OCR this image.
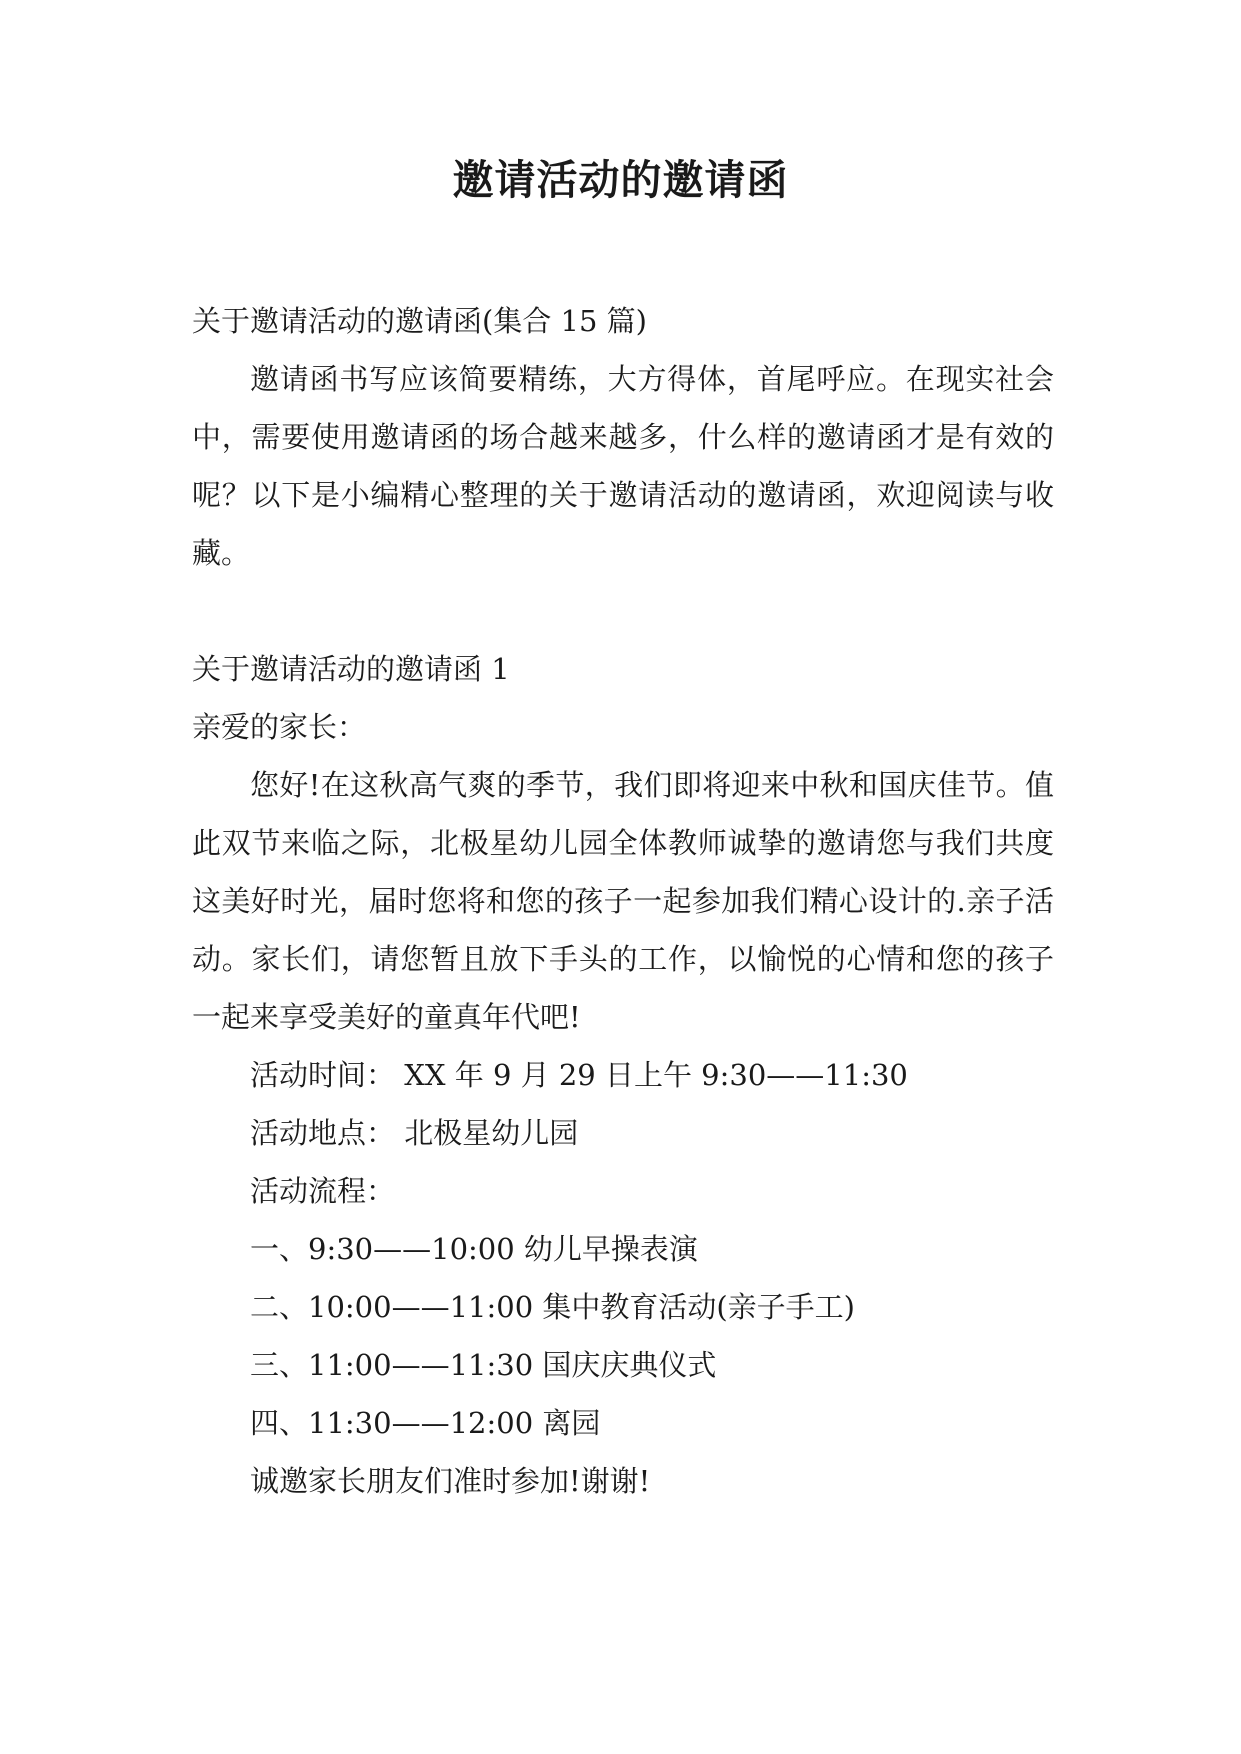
邀请活动的邀请函

关于邀请活动的邀请函(集合 15 篇)

邀请函书写应该简要精练，大方得体，首尾呼应。在现实社会中，需要使用邀请函的场合越来越多，什么样的邀请函才是有效的呢？以下是小编精心整理的关于邀请活动的邀请函，欢迎阅读与收藏。

关于邀请活动的邀请函 1

亲爱的家长：

您好!在这秋高气爽的季节，我们即将迎来中秋和国庆佳节。值此双节来临之际，北极星幼儿园全体教师诚挚的邀请您与我们共度这美好时光，届时您将和您的孩子一起参加我们精心设计的.亲子活动。家长们，请您暂且放下手头的工作，以愉悦的心情和您的孩子一起来享受美好的童真年代吧!

活动时间： XX 年 9 月 29 日上午 9:30——11:30

活动地点： 北极星幼儿园

活动流程：

一、9:30——10:00 幼儿早操表演

二、10:00——11:00 集中教育活动(亲子手工)

三、11:00——11:30 国庆庆典仪式

四、11:30——12:00 离园

诚邀家长朋友们准时参加!谢谢!
